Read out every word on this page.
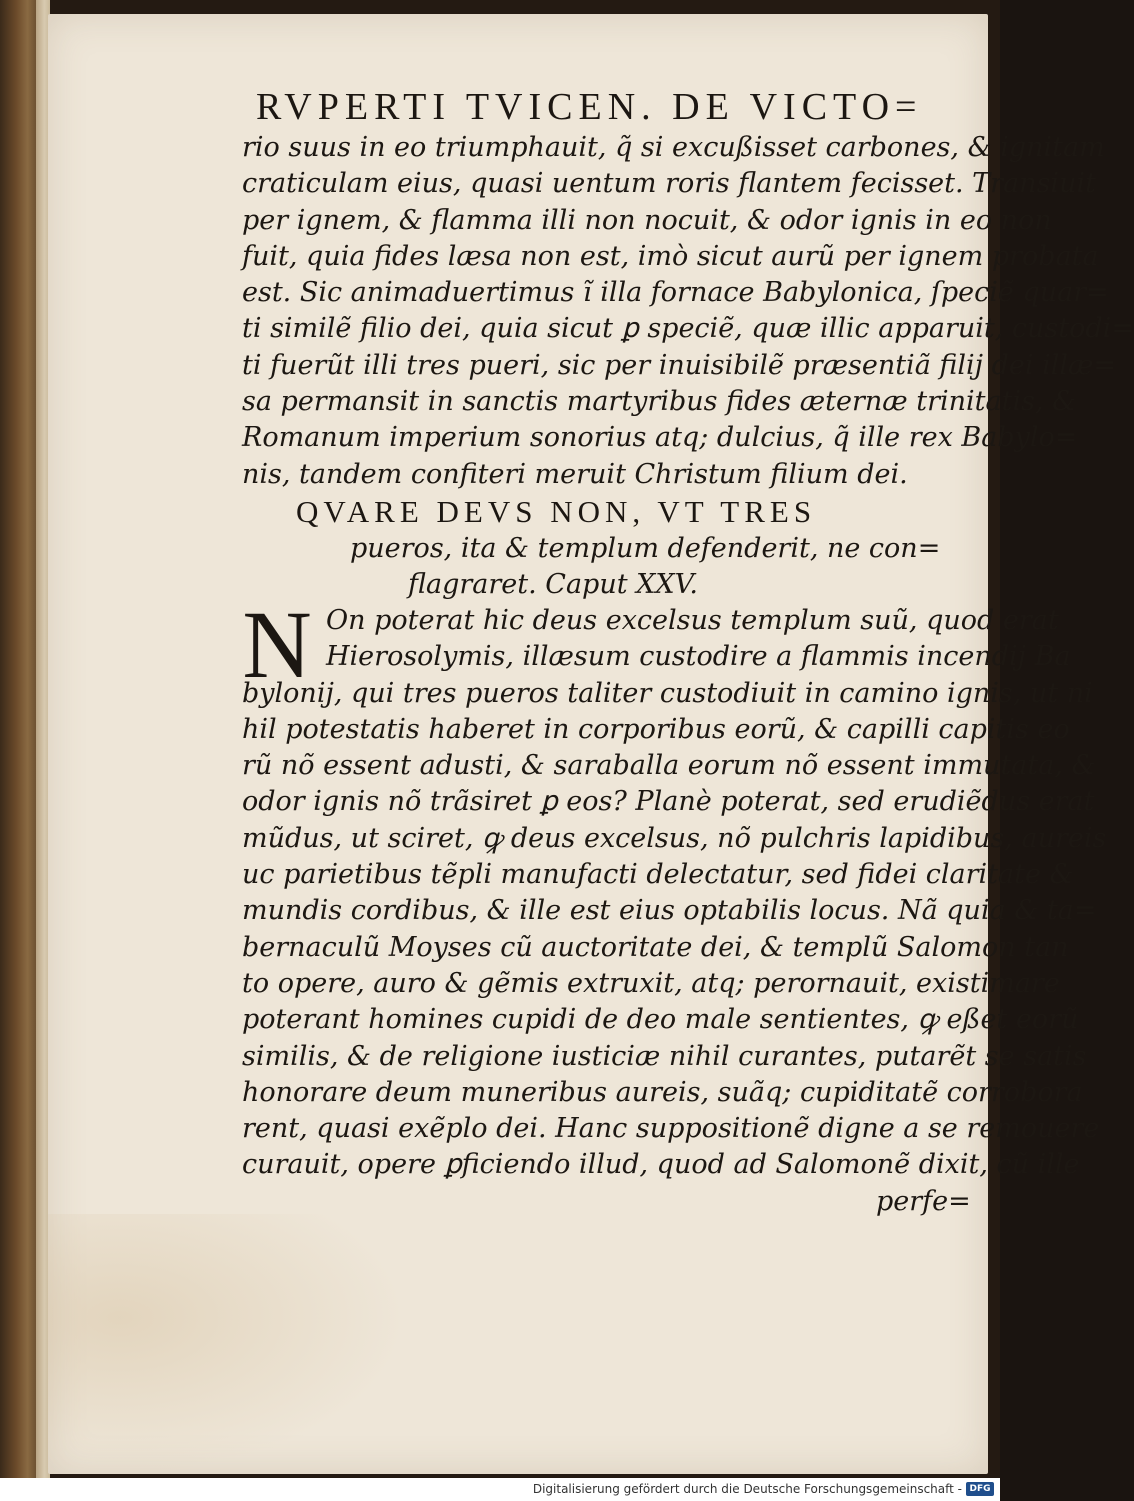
RVPERTI TVICEN. DE VICTO=
rio suus in eo triumphauit, q̃ si excußisset carbones, & ignitam
craticulam eius, quasi uentum roris flantem fecisset. Transiuit
per ignem, & flamma illi non nocuit, & odor ignis in eo non
fuit, quia fides læsa non est, imò sicut aurũ per ignem probata
est. Sic animaduertimus ĩ illa fornace Babylonica, ſpeciẽ quar=
ti similẽ filio dei, quia sicut ꝑ speciẽ, quæ illic apparuit, custodi=
ti fuerũt illi tres pueri, sic per inuisibilẽ præsentiã filij dei illæ=
sa permansit in sanctis martyribus fides æternæ trinitatis, &
Romanum imperium sonorius atq; dulcius, q̃ ille rex Babylo=
nis, tandem confiteri meruit Christum filium dei.
QVARE DEVS NON, VT TRES
pueros, ita & templum defenderit, ne con=
flagraret. Caput XXV.
N On poterat hic deus excelsus templum suũ, quod erat
Hierosolymis, illæsum custodire a flammis incendij Ba
bylonij, qui tres pueros taliter custodiuit in camino ignis, ut ni
hil potestatis haberet in corporibus eorũ, & capilli capitis eo
rũ nõ essent adusti, & saraballa eorum nõ essent immutata, &
odor ignis nõ trãsiret ꝑ eos? Planè poterat, sed erudiẽdus erat
mũdus, ut sciret, ꝙ deus excelsus, nõ pulchris lapidibus, aureis
uc parietibus tẽpli manufacti delectatur, sed fidei claritate &
mundis cordibus, & ille est eius optabilis locus. Nã quia & ta=
bernaculũ Moyses cũ auctoritate dei, & templũ Salomon tan
to opere, auro & gẽmis extruxit, atq; perornauit, existimare
poterant homines cupidi de deo male sentientes, ꝙ eßet eorũ
similis, & de religione iusticiæ nihil curantes, putarẽt se satis
honorare deum muneribus aureis, suãq; cupiditatẽ corrobora
rent, quasi exẽplo dei. Hanc suppositionẽ digne a se remouere
curauit, opere ꝑficiendo illud, quod ad Salomonẽ dixit, cũ ille
perfe=
Digitalisierung gefördert durch die Deutsche Forschungsgemeinschaft - DFG
